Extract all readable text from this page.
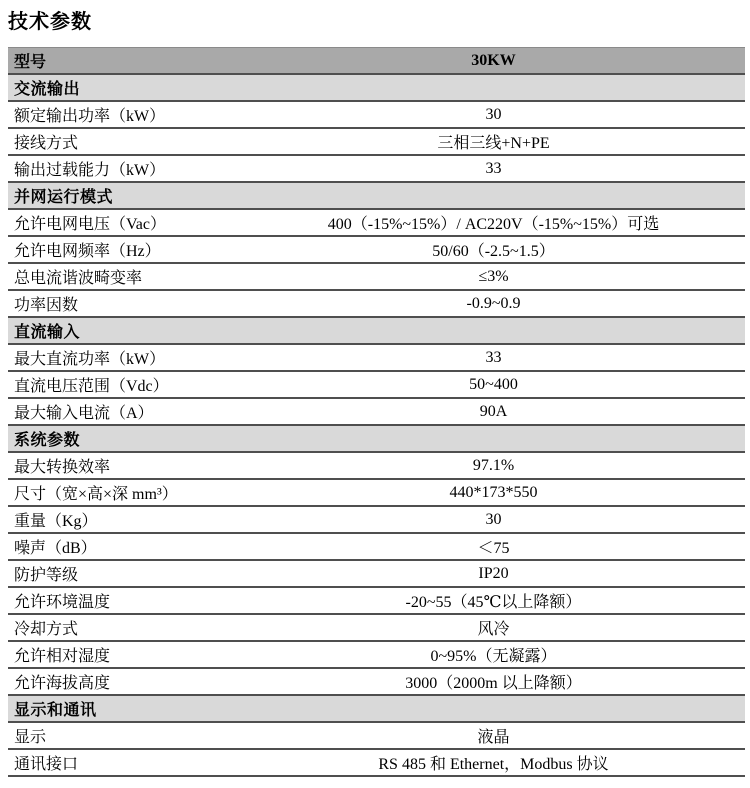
技术参数
型号	30KW
交流输出
额定输出功率（kW）	30
接线方式	三相三线+N+PE
输出过载能力（kW）	33
并网运行模式
允许电网电压（Vac）	400（-15%~15%）/ AC220V（-15%~15%）可选
允许电网频率（Hz）	50/60（-2.5~1.5）
总电流谐波畸变率	≤3%
功率因数	-0.9~0.9
直流输入
最大直流功率（kW）	33
直流电压范围（Vdc）	50~400
最大输入电流（A）	90A
系统参数
最大转换效率	97.1%
尺寸（宽×高×深 mm³）	440*173*550
重量（Kg）	30
噪声（dB）	＜75
防护等级	IP20
允许环境温度	-20~55（45℃以上降额）
冷却方式	风冷
允许相对湿度	0~95%（无凝露）
允许海拔高度	3000（2000m 以上降额）
显示和通讯
显示	液晶
通讯接口	RS 485 和 Ethernet，Modbus 协议
